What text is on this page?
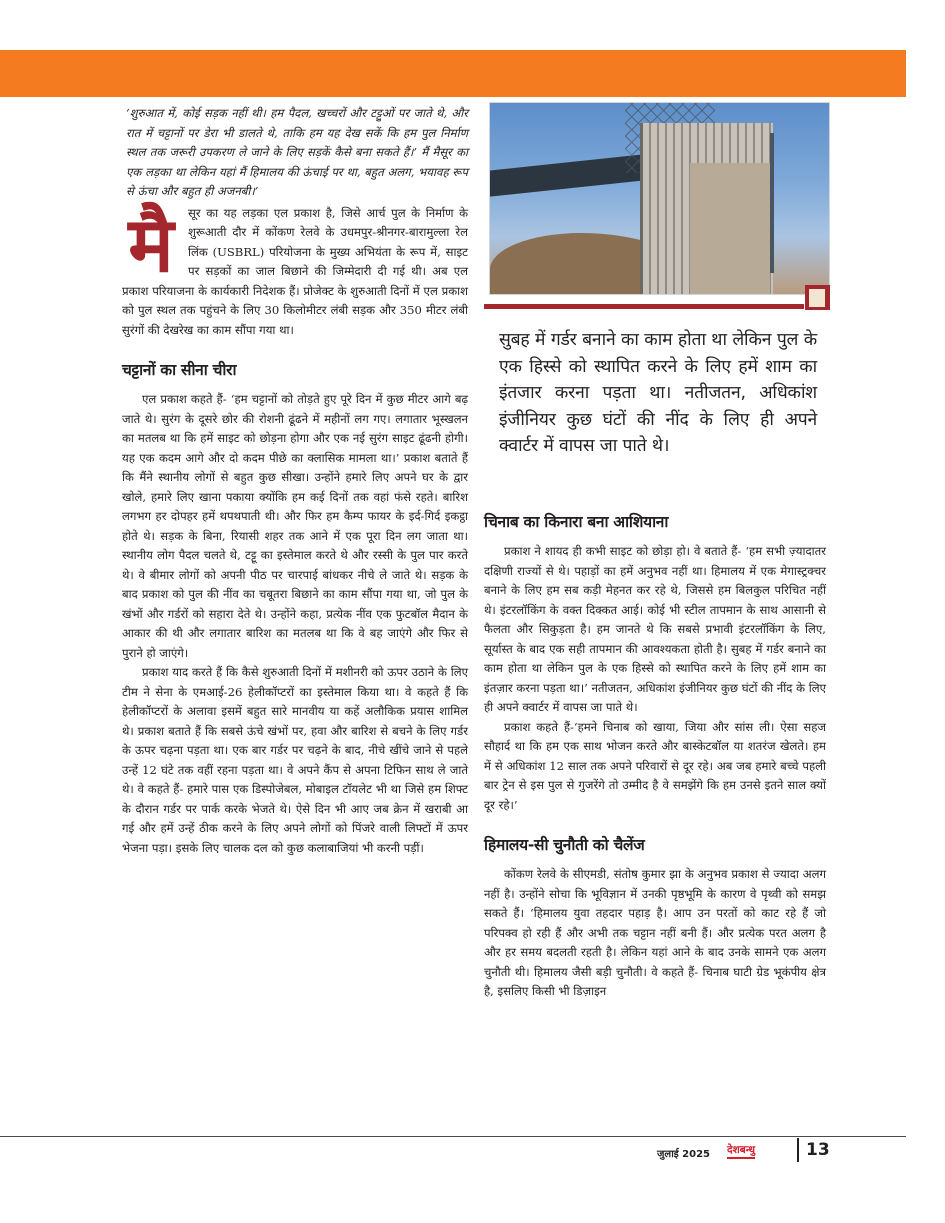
‘शुरुआत में, कोई सड़क नहीं थी। हम पैदल, खच्चरों और टट्टुओं पर जाते थे, और रात में चट्टानों पर डेरा भी डालते थे, ताकि हम यह देख सकें कि हम पुल निर्माण स्थल तक जरूरी उपकरण ले जाने के लिए सड़कें कैसे बना सकते हैं।’ मैं मैसूर का एक लड़का था लेकिन यहां मैं हिमालय की ऊंचाई पर था, बहुत अलग, भयावह रूप से ऊंचा और बहुत ही अजनबी।’

मै	सूर का यह लड़का एल प्रकाश है, जिसे आर्च पुल के निर्माण के शुरूआती दौर में कोंकण रेलवे के उधमपुर-श्रीनगर-बारामुल्ला रेल लिंक (USBRL) परियोजना के मुख्य अभियंता के रूप में, साइट पर सड़कों का जाल बिछाने की जिम्मेदारी दी गई थी। अब एल प्रकाश परियाजना के कार्यकारी निदेशक हैं। प्रोजेक्ट के शुरुआती दिनों में एल प्रकाश को पुल स्थल तक पहुंचने के लिए 30 किलोमीटर लंबी सड़क और 350 मीटर लंबी सुरंगों की देखरेख का काम सौंपा गया था।

चट्टानों का सीना चीरा

एल प्रकाश कहते हैं- ‘हम चट्टानों को तोड़ते हुए पूरे दिन में कुछ मीटर आगे बढ़ जाते थे। सुरंग के दूसरे छोर की रोशनी ढूंढने में महीनों लग गए। लगातार भूस्खलन का मतलब था कि हमें साइट को छोड़ना होगा और एक नई सुरंग साइट ढूंढनी होगी। यह एक कदम आगे और दो कदम पीछे का क्लासिक मामला था।’ प्रकाश बताते हैं कि मैंने स्थानीय लोगों से बहुत कुछ सीखा। उन्होंने हमारे लिए अपने घर के द्वार खोले, हमारे लिए खाना पकाया क्योंकि हम कई दिनों तक वहां फंसे रहते। बारिश लगभग हर दोपहर हमें थपथपाती थी। और फिर हम कैम्प फायर के इर्द-गिर्द इकट्ठा होते थे। सड़क के बिना, रियासी शहर तक आने में एक पूरा दिन लग जाता था। स्थानीय लोग पैदल चलते थे, टट्टू का इस्तेमाल करते थे और रस्सी के पुल पार करते थे। वे बीमार लोगों को अपनी पीठ पर चारपाई बांधकर नीचे ले जाते थे। सड़क के बाद प्रकाश को पुल की नींव का चबूतरा बिछाने का काम सौंपा गया था, जो पुल के खंभों और गर्डरों को सहारा देते थे। उन्होंने कहा, प्रत्येक नींव एक फुटबॉल मैदान के आकार की थी और लगातार बारिश का मतलब था कि वे बह जाएंगे और फिर से पुराने हो जाएंगे।

प्रकाश याद करते हैं कि कैसे शुरुआती दिनों में मशीनरी को ऊपर उठाने के लिए टीम ने सेना के एमआई-26 हेलीकॉप्टरों का इस्तेमाल किया था। वे कहते हैं कि हेलीकॉप्टरों के अलावा इसमें बहुत सारे मानवीय या कहें अलौकिक प्रयास शामिल थे। प्रकाश बताते हैं कि सबसे ऊंचे खंभों पर, हवा और बारिश से बचने के लिए गर्डर के ऊपर चढ़ना पड़ता था। एक बार गर्डर पर चढ़ने के बाद, नीचे खींचे जाने से पहले उन्हें 12 घंटे तक वहीं रहना पड़ता था। वे अपने कैंप से अपना टिफिन साथ ले जाते थे। वे कहते हैं- हमारे पास एक डिस्पोजेबल, मोबाइल टॉयलेट भी था जिसे हम शिफ्ट के दौरान गर्डर पर पार्क करके भेजते थे। ऐसे दिन भी आए जब क्रेन में खराबी आ गई और हमें उन्हें ठीक करने के लिए अपने लोगों को पिंजरे वाली लिफ्टों में ऊपर भेजना पड़ा। इसके लिए चालक दल को कुछ कलाबाजियां भी करनी पड़ीं।

सुबह में गर्डर बनाने का काम होता था लेकिन पुल के एक हिस्से को स्थापित करने के लिए हमें शाम का इंतजार करना पड़ता था। नतीजतन, अधिकांश इंजीनियर कुछ घंटों की नींद के लिए ही अपने क्वार्टर में वापस जा पाते थे।

चिनाब का किनारा बना आशियाना

प्रकाश ने शायद ही कभी साइट को छोड़ा हो। वे बताते हैं- ‘हम सभी ज़्यादातर दक्षिणी राज्यों से थे। पहाड़ों का हमें अनुभव नहीं था। हिमालय में एक मेगास्ट्रक्चर बनाने के लिए हम सब कड़ी मेहनत कर रहे थे, जिससे हम बिलकुल परिचित नहीं थे। इंटरलॉकिंग के वक्त दिक्कत आई। कोई भी स्टील तापमान के साथ आसानी से फैलता और सिकुड़ता है। हम जानते थे कि सबसे प्रभावी इंटरलॉकिंग के लिए, सूर्यास्त के बाद एक सही तापमान की आवश्यकता होती है। सुबह में गर्डर बनाने का काम होता था लेकिन पुल के एक हिस्से को स्थापित करने के लिए हमें शाम का इंतज़ार करना पड़ता था।’ नतीजतन, अधिकांश इंजीनियर कुछ घंटों की नींद के लिए ही अपने क्वार्टर में वापस जा पाते थे।

प्रकाश कहते हैं-‘हमने चिनाब को खाया, जिया और सांस ली। ऐसा सहज सौहार्द था कि हम एक साथ भोजन करते और बास्केटबॉल या शतरंज खेलते। हम में से अधिकांश 12 साल तक अपने परिवारों से दूर रहे। अब जब हमारे बच्चे पहली बार ट्रेन से इस पुल से गुजरेंगे तो उम्मीद है वे समझेंगे कि हम उनसे इतने साल क्यों दूर रहे।’

हिमालय-सी चुनौती को चैलेंज

कोंकण रेलवे के सीएमडी, संतोष कुमार झा के अनुभव प्रकाश से ज्यादा अलग नहीं है। उन्होंने सोचा कि भूविज्ञान में उनकी पृष्ठभूमि के कारण वे पृथ्वी को समझ सकते हैं। ‘हिमालय युवा तहदार पहाड़ है। आप उन परतों को काट रहे हैं जो परिपक्व हो रही हैं और अभी तक चट्टान नहीं बनी हैं। और प्रत्येक परत अलग है और हर समय बदलती रहती है। लेकिन यहां आने के बाद उनके सामने एक अलग चुनौती थी। हिमालय जैसी बड़ी चुनौती। वे कहते हैं- चिनाब घाटी ग्रेड भूकंपीय क्षेत्र है, इसलिए किसी भी डिज़ाइन

जुलाई 2025 देशबन्धु	13
